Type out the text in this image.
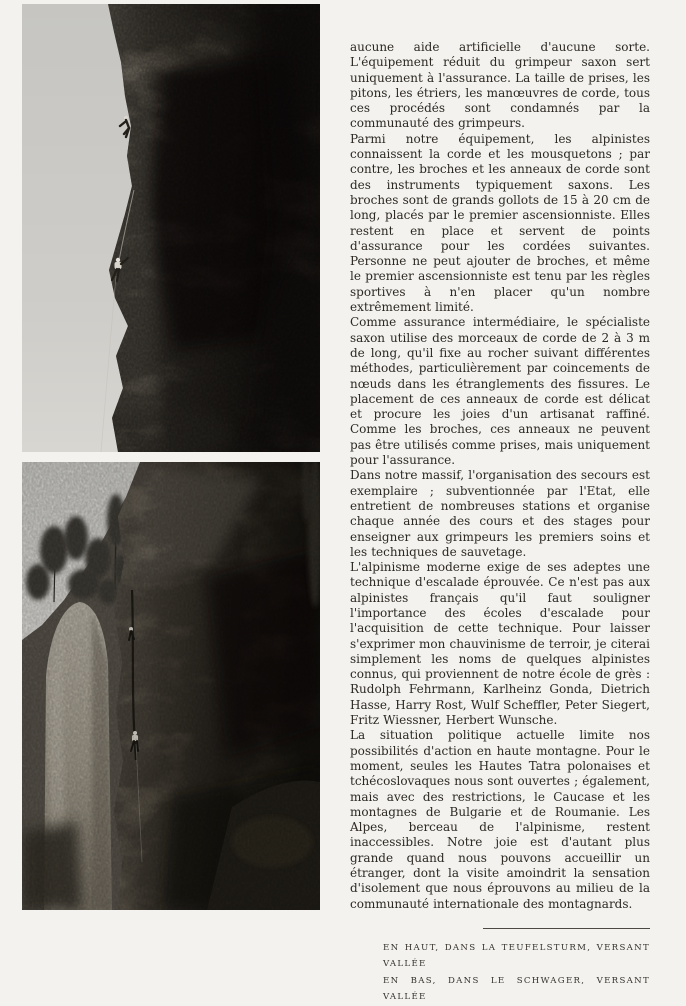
aucune aide artificielle d'aucune sorte. L'équipement réduit du grimpeur saxon sert uniquement à l'assurance. La taille de prises, les pitons, les étriers, les manœuvres de corde, tous ces procédés sont condamnés par la communauté des grimpeurs.

Parmi notre équipement, les alpinistes connaissent la corde et les mousquetons ; par contre, les broches et les anneaux de corde sont des instruments typiquement saxons. Les broches sont de grands gollots de 15 à 20 cm de long, placés par le premier ascensionniste. Elles restent en place et servent de points d'assurance pour les cordées suivantes. Personne ne peut ajouter de broches, et même le premier ascensionniste est tenu par les règles sportives à n'en placer qu'un nombre extrêmement limité.

Comme assurance intermédiaire, le spécialiste saxon utilise des morceaux de corde de 2 à 3 m de long, qu'il fixe au rocher suivant différentes méthodes, particulièrement par coincements de nœuds dans les étranglements des fissures. Le placement de ces anneaux de corde est délicat et procure les joies d'un artisanat raffiné. Comme les broches, ces anneaux ne peuvent pas être utilisés comme prises, mais uniquement pour l'assurance.

Dans notre massif, l'organisation des secours est exemplaire ; subventionnée par l'Etat, elle entretient de nombreuses stations et organise chaque année des cours et des stages pour enseigner aux grimpeurs les premiers soins et les techniques de sauvetage.

L'alpinisme moderne exige de ses adeptes une technique d'escalade éprouvée. Ce n'est pas aux alpinistes français qu'il faut souligner l'importance des écoles d'escalade pour l'acquisition de cette technique. Pour laisser s'exprimer mon chauvinisme de terroir, je citerai simplement les noms de quelques alpinistes connus, qui proviennent de notre école de grès : Rudolph Fehrmann, Karlheinz Gonda, Dietrich Hasse, Harry Rost, Wulf Scheffler, Peter Siegert, Fritz Wiessner, Herbert Wunsche.

La situation politique actuelle limite nos possibilités d'action en haute montagne. Pour le moment, seules les Hautes Tatra polonaises et tchécoslovaques nous sont ouvertes ; également, mais avec des restrictions, le Caucase et les montagnes de Bulgarie et de Roumanie. Les Alpes, berceau de l'alpinisme, restent inaccessibles. Notre joie est d'autant plus grande quand nous pouvons accueillir un étranger, dont la visite amoindrit la sensation d'isolement que nous éprouvons au milieu de la communauté internationale des montagnards.

EN HAUT, DANS LA TEUFELSTURM, VERSANT VALLÉE
EN BAS, DANS LE SCHWAGER, VERSANT VALLÉE
